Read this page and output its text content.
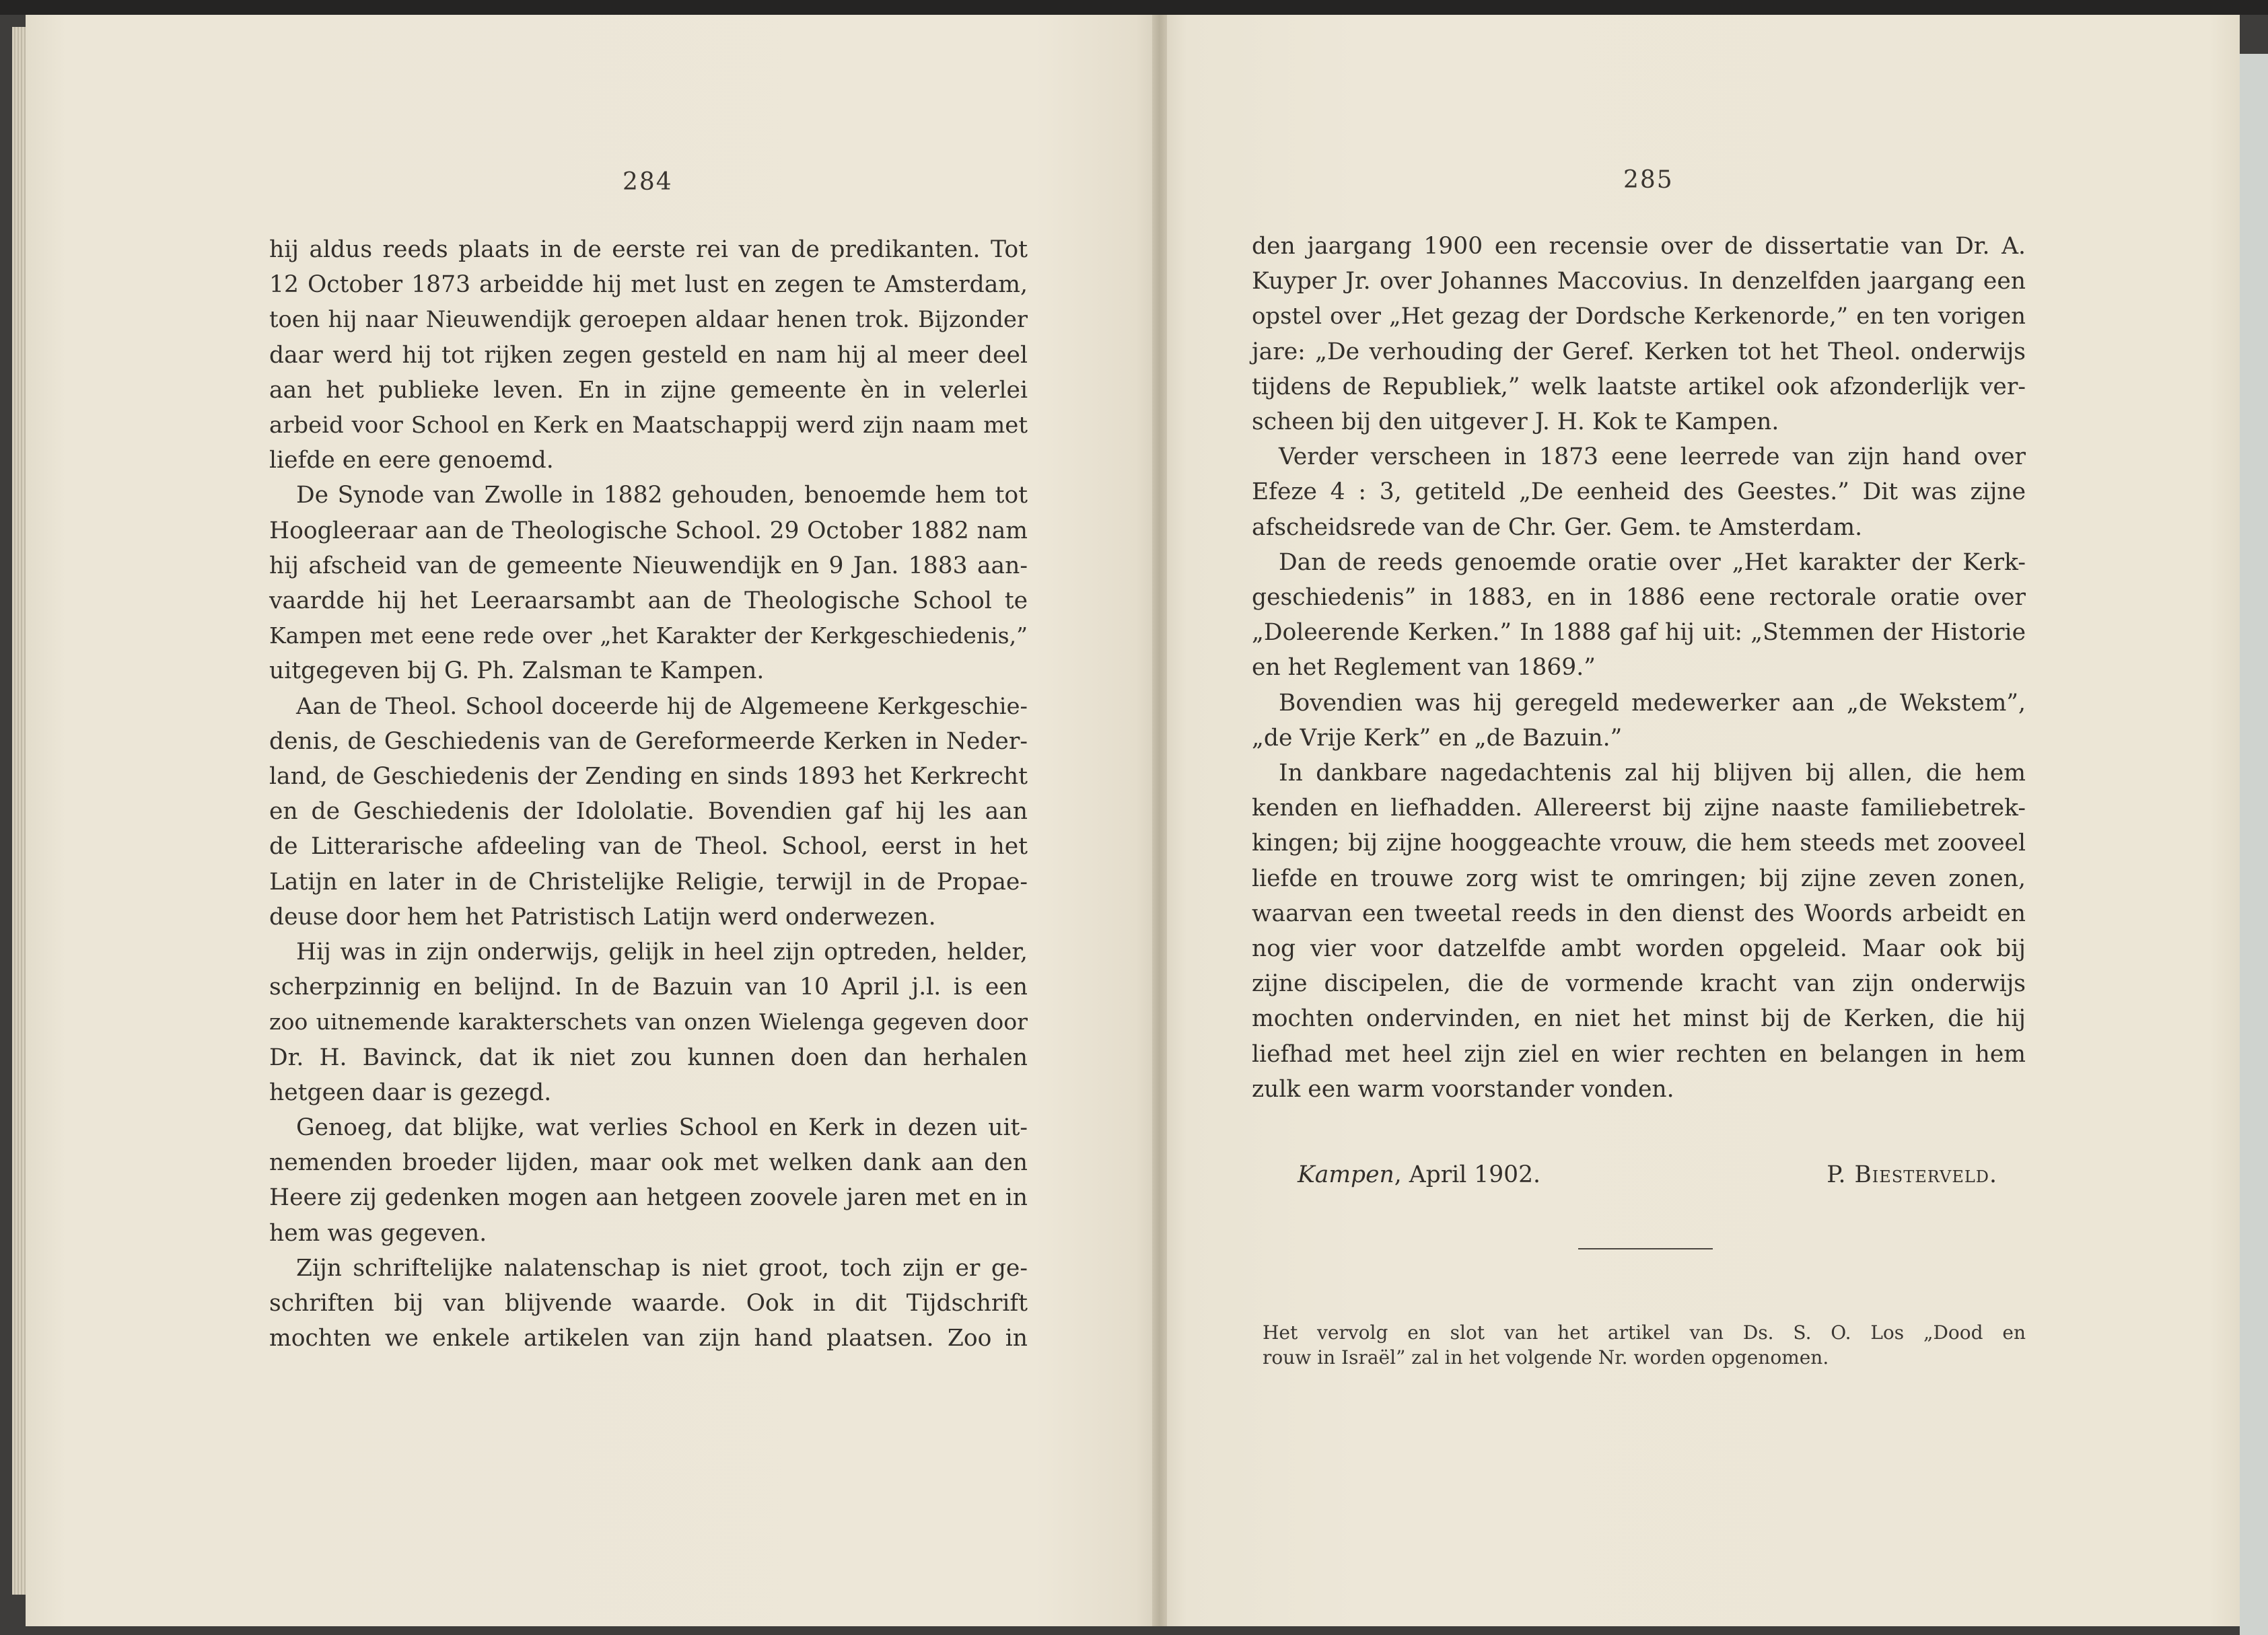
284	285
hij aldus reeds plaats in de eerste rei van de predikanten. Tot
12 October 1873 arbeidde hij met lust en zegen te Amsterdam,
toen hij naar Nieuwendijk geroepen aldaar henen trok. Bijzonder
daar werd hij tot rijken zegen gesteld en nam hij al meer deel
aan het publieke leven. En in zijne gemeente èn in velerlei
arbeid voor School en Kerk en Maatschappij werd zijn naam met
liefde en eere genoemd.
De Synode van Zwolle in 1882 gehouden, benoemde hem tot
Hoogleeraar aan de Theologische School. 29 October 1882 nam
hij afscheid van de gemeente Nieuwendijk en 9 Jan. 1883 aan-
vaardde hij het Leeraarsambt aan de Theologische School te
Kampen met eene rede over „het Karakter der Kerkgeschiedenis,”
uitgegeven bij G. Ph. Zalsman te Kampen.
Aan de Theol. School doceerde hij de Algemeene Kerkgeschie-
denis, de Geschiedenis van de Gereformeerde Kerken in Neder-
land, de Geschiedenis der Zending en sinds 1893 het Kerkrecht
en de Geschiedenis der Idololatie. Bovendien gaf hij les aan
de Litterarische afdeeling van de Theol. School, eerst in het
Latijn en later in de Christelijke Religie, terwijl in de Propae-
deuse door hem het Patristisch Latijn werd onderwezen.
Hij was in zijn onderwijs, gelijk in heel zijn optreden, helder,
scherpzinnig en belijnd. In de Bazuin van 10 April j.l. is een
zoo uitnemende karakterschets van onzen Wielenga gegeven door
Dr. H. Bavinck, dat ik niet zou kunnen doen dan herhalen
hetgeen daar is gezegd.
Genoeg, dat blijke, wat verlies School en Kerk in dezen uit-
nemenden broeder lijden, maar ook met welken dank aan den
Heere zij gedenken mogen aan hetgeen zoovele jaren met en in
hem was gegeven.
Zijn schriftelijke nalatenschap is niet groot, toch zijn er ge-
schriften bij van blijvende waarde. Ook in dit Tijdschrift
mochten we enkele artikelen van zijn hand plaatsen. Zoo in
den jaargang 1900 een recensie over de dissertatie van Dr. A.
Kuyper Jr. over Johannes Maccovius. In denzelfden jaargang een
opstel over „Het gezag der Dordsche Kerkenorde,” en ten vorigen
jare: „De verhouding der Geref. Kerken tot het Theol. onderwijs
tijdens de Republiek,” welk laatste artikel ook afzonderlijk ver-
scheen bij den uitgever J. H. Kok te Kampen.
Verder verscheen in 1873 eene leerrede van zijn hand over
Efeze 4 : 3, getiteld „De eenheid des Geestes.” Dit was zijne
afscheidsrede van de Chr. Ger. Gem. te Amsterdam.
Dan de reeds genoemde oratie over „Het karakter der Kerk-
geschiedenis” in 1883, en in 1886 eene rectorale oratie over
„Doleerende Kerken.” In 1888 gaf hij uit: „Stemmen der Historie
en het Reglement van 1869.”
Bovendien was hij geregeld medewerker aan „de Wekstem”,
„de Vrije Kerk” en „de Bazuin.”
In dankbare nagedachtenis zal hij blijven bij allen, die hem
kenden en liefhadden. Allereerst bij zijne naaste familiebetrek-
kingen; bij zijne hooggeachte vrouw, die hem steeds met zooveel
liefde en trouwe zorg wist te omringen; bij zijne zeven zonen,
waarvan een tweetal reeds in den dienst des Woords arbeidt en
nog vier voor datzelfde ambt worden opgeleid. Maar ook bij
zijne discipelen, die de vormende kracht van zijn onderwijs
mochten ondervinden, en niet het minst bij de Kerken, die hij
liefhad met heel zijn ziel en wier rechten en belangen in hem
zulk een warm voorstander vonden.
Kampen, April 1902.	P. Biesterveld.
Het vervolg en slot van het artikel van Ds. S. O. Los „Dood en
rouw in Israël” zal in het volgende Nr. worden opgenomen.
